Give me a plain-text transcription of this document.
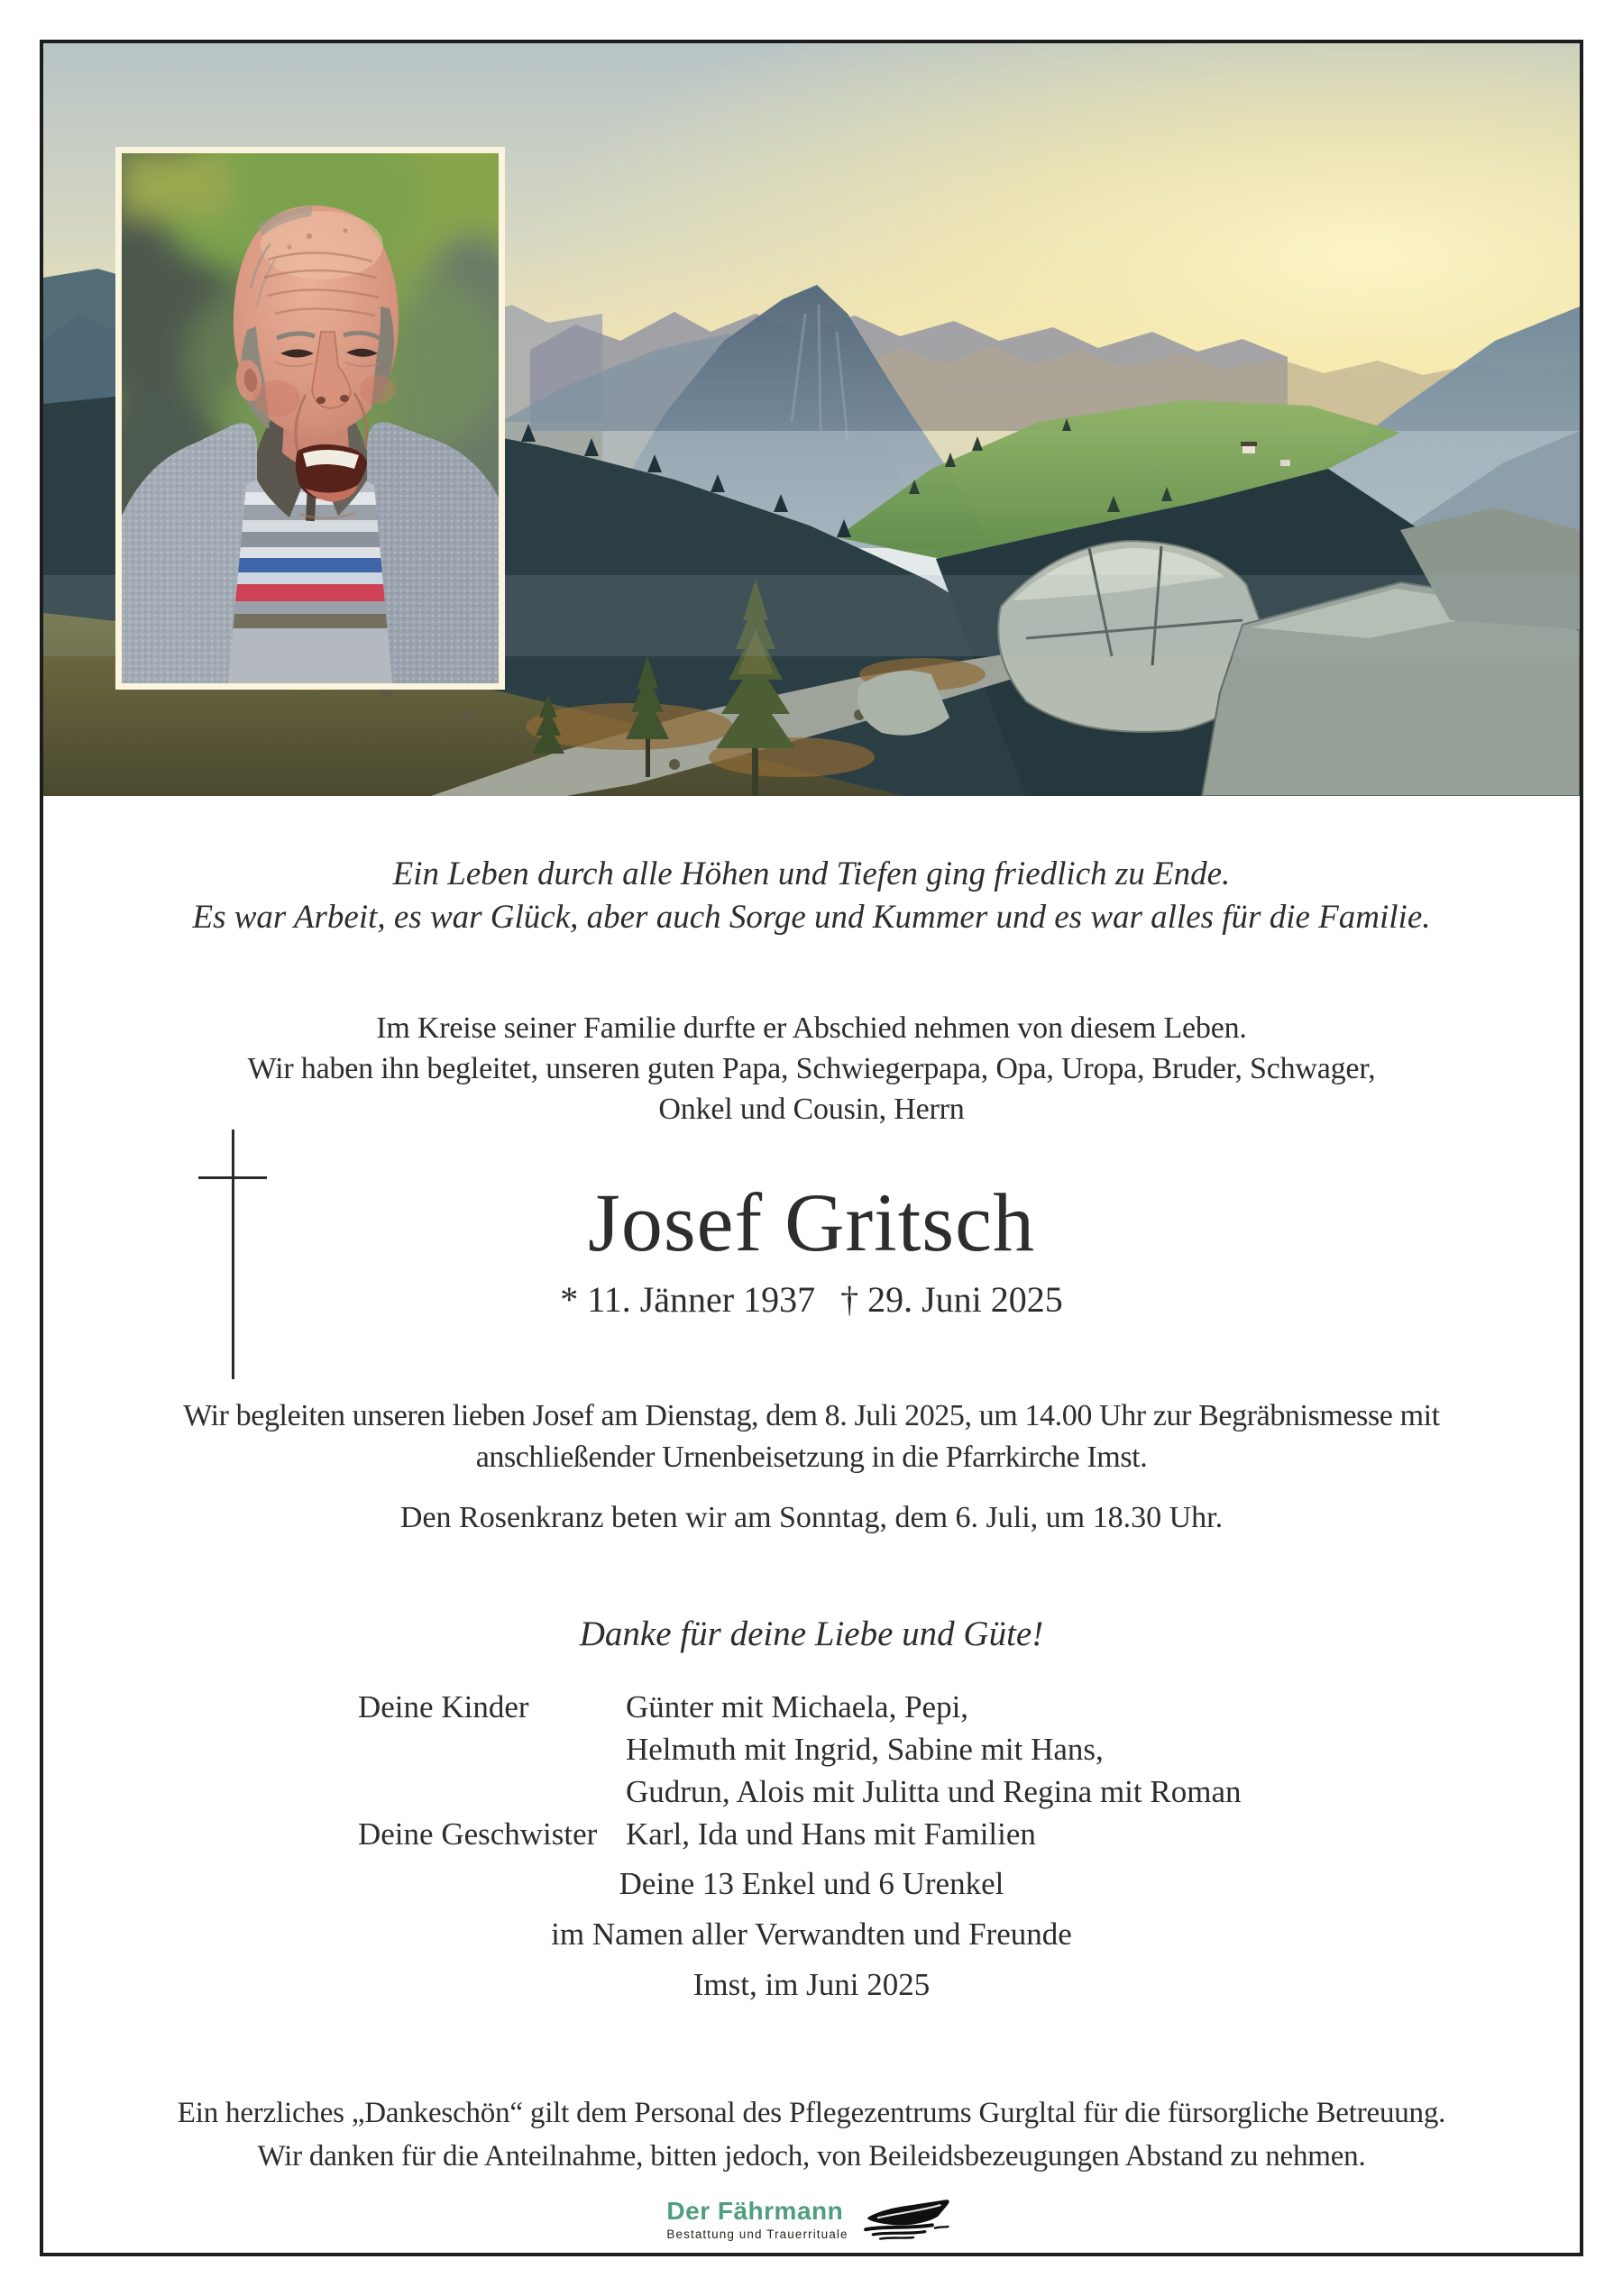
Ein Leben durch alle Höhen und Tiefen ging friedlich zu Ende.
Es war Arbeit, es war Glück, aber auch Sorge und Kummer und es war alles für die Familie.
Im Kreise seiner Familie durfte er Abschied nehmen von diesem Leben.
Wir haben ihn begleitet, unseren guten Papa, Schwiegerpapa, Opa, Uropa, Bruder, Schwager,
Onkel und Cousin, Herrn
Josef Gritsch
* 11. Jänner 1937 † 29. Juni 2025
Wir begleiten unseren lieben Josef am Dienstag, dem 8. Juli 2025, um 14.00 Uhr zur Begräbnismesse mit
anschließender Urnenbeisetzung in die Pfarrkirche Imst.
Den Rosenkranz beten wir am Sonntag, dem 6. Juli, um 18.30 Uhr.
Danke für deine Liebe und Güte!
Deine Kinder	Günter mit Michaela, Pepi,
Helmuth mit Ingrid, Sabine mit Hans,
Gudrun, Alois mit Julitta und Regina mit Roman
Deine Geschwister Karl, Ida und Hans mit Familien
Deine 13 Enkel und 6 Urenkel
im Namen aller Verwandten und Freunde
Imst, im Juni 2025
Ein herzliches „Dankeschön“ gilt dem Personal des Pflegezentrums Gurgltal für die fürsorgliche Betreuung.
Wir danken für die Anteilnahme, bitten jedoch, von Beileidsbezeugungen Abstand zu nehmen.
Der Fährmann
Bestattung und Trauerrituale
